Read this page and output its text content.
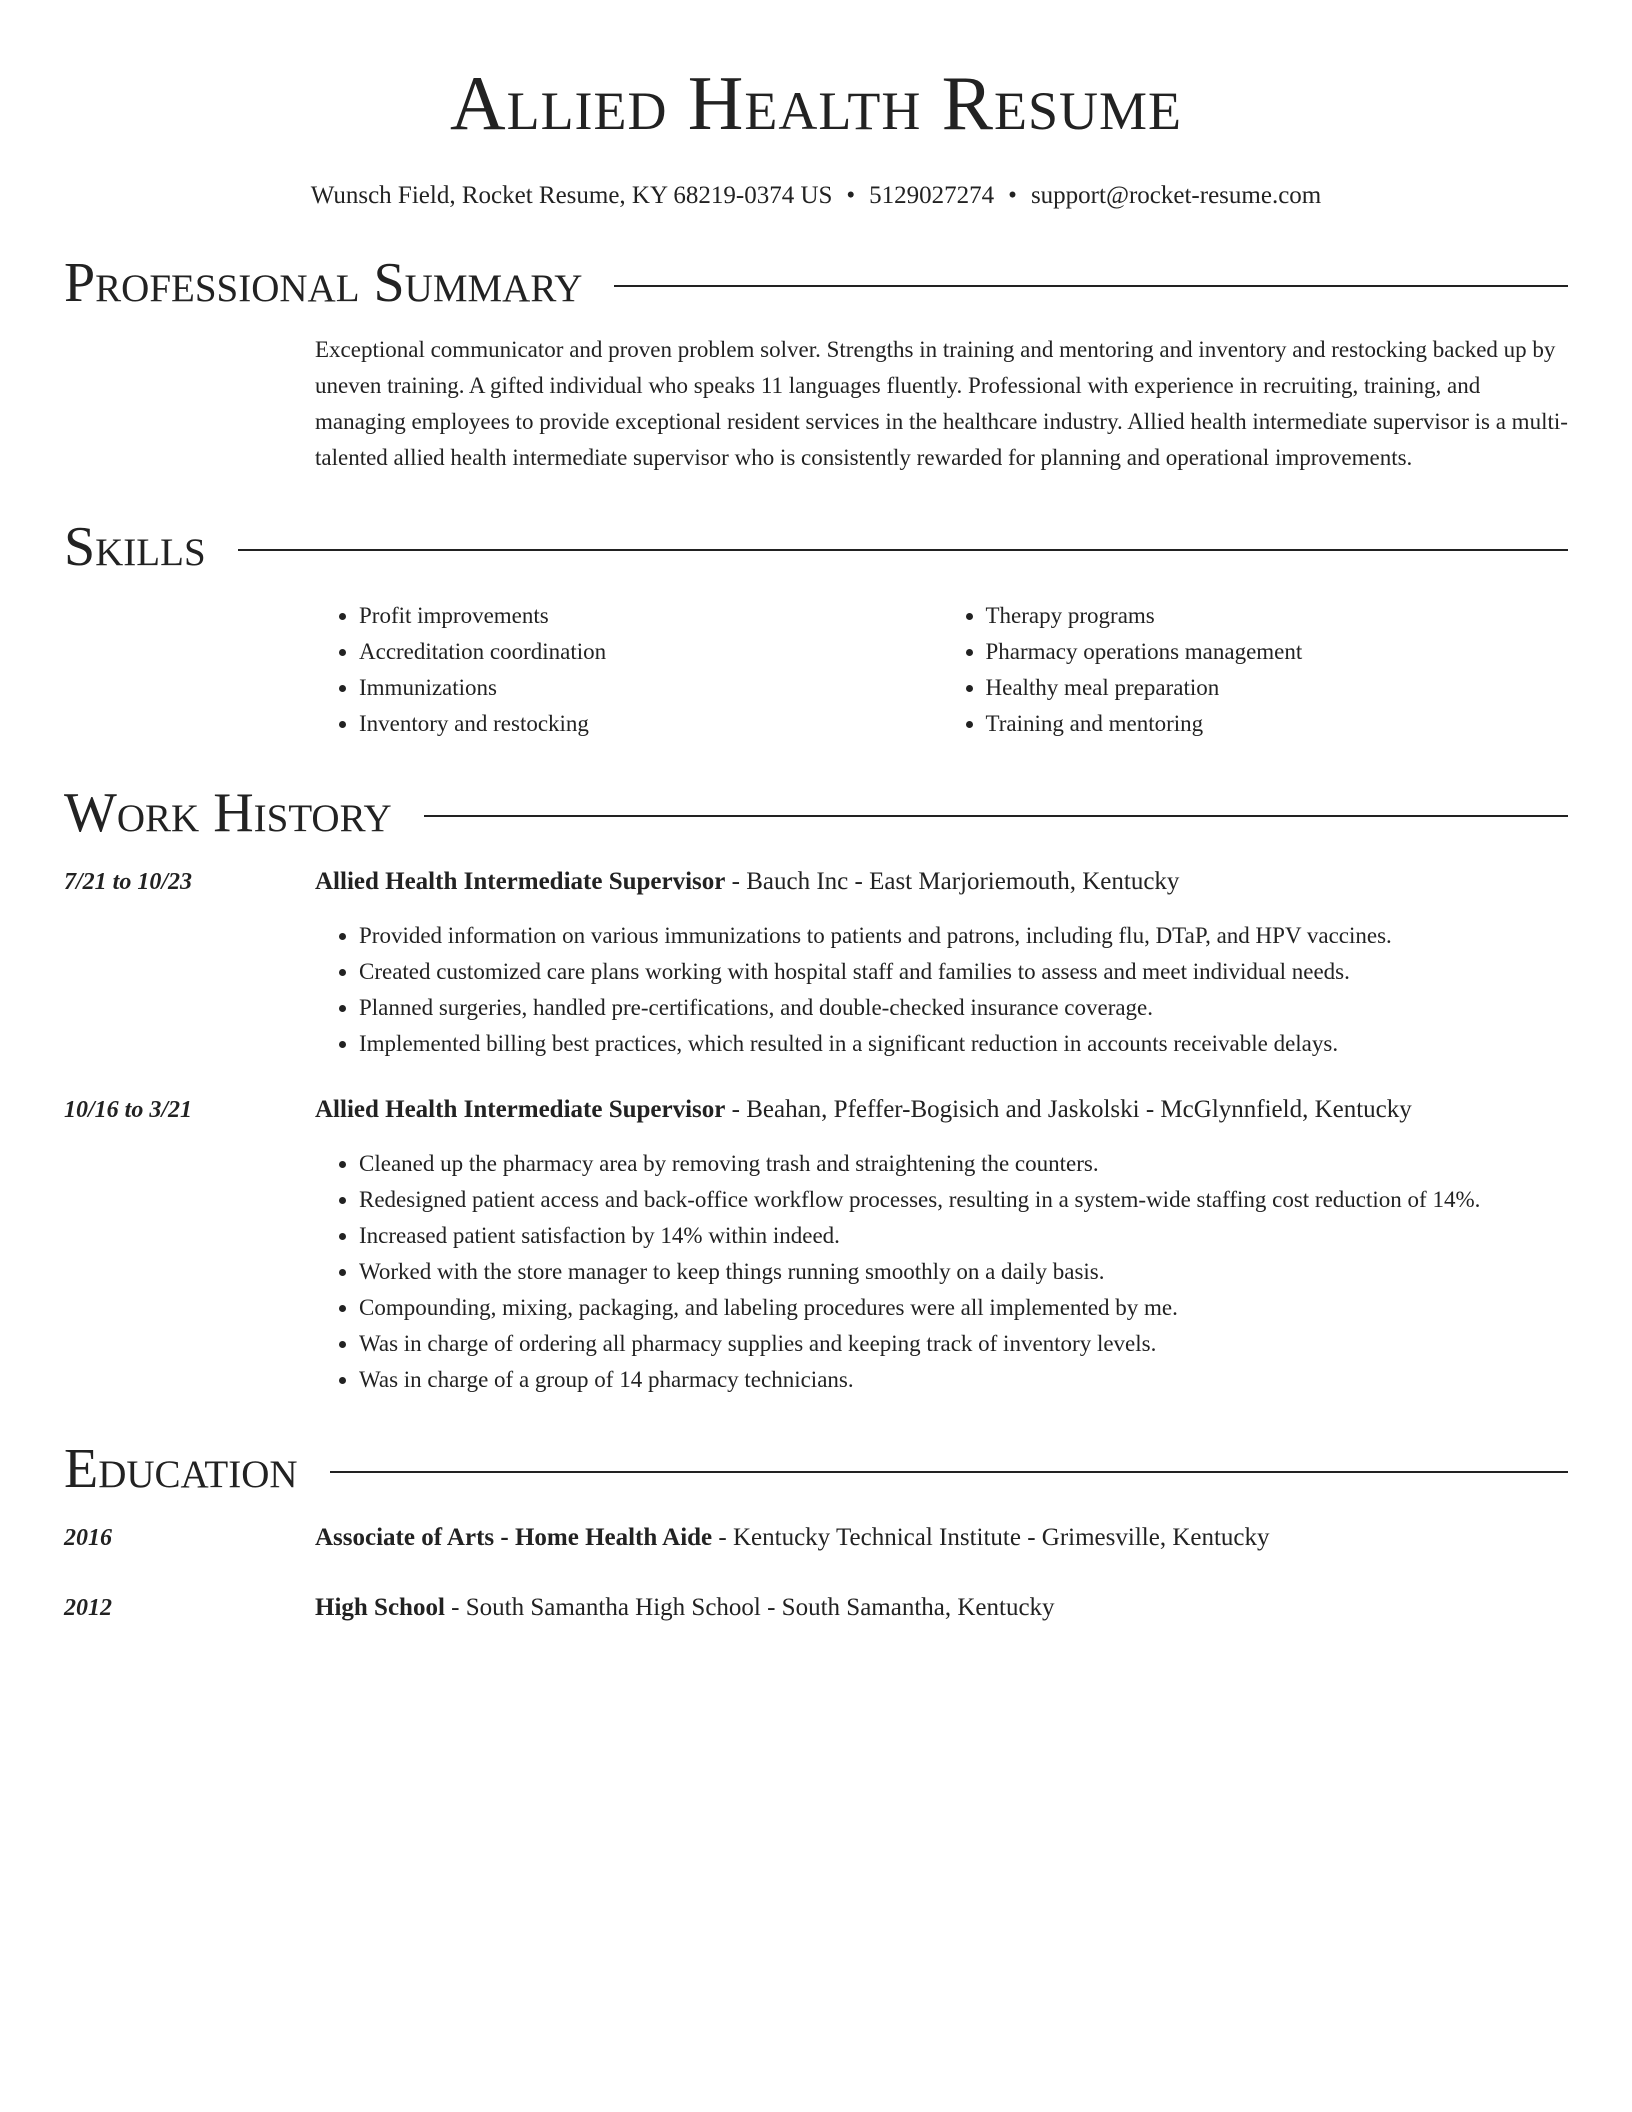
Allied Health Resume
Wunsch Field, Rocket Resume, KY 68219-0374 US • 5129027274 • support@rocket-resume.com
Professional Summary
Exceptional communicator and proven problem solver. Strengths in training and mentoring and inventory and restocking backed up by uneven training. A gifted individual who speaks 11 languages fluently. Professional with experience in recruiting, training, and managing employees to provide exceptional resident services in the healthcare industry. Allied health intermediate supervisor is a multi-talented allied health intermediate supervisor who is consistently rewarded for planning and operational improvements.
Skills
• Profit improvements
• Accreditation coordination
• Immunizations
• Inventory and restocking
• Therapy programs
• Pharmacy operations management
• Healthy meal preparation
• Training and mentoring
Work History
7/21 to 10/23	Allied Health Intermediate Supervisor - Bauch Inc - East Marjoriemouth, Kentucky
• Provided information on various immunizations to patients and patrons, including flu, DTaP, and HPV vaccines.
• Created customized care plans working with hospital staff and families to assess and meet individual needs.
• Planned surgeries, handled pre-certifications, and double-checked insurance coverage.
• Implemented billing best practices, which resulted in a significant reduction in accounts receivable delays.
10/16 to 3/21	Allied Health Intermediate Supervisor - Beahan, Pfeffer-Bogisich and Jaskolski - McGlynnfield, Kentucky
• Cleaned up the pharmacy area by removing trash and straightening the counters.
• Redesigned patient access and back-office workflow processes, resulting in a system-wide staffing cost reduction of 14%.
• Increased patient satisfaction by 14% within indeed.
• Worked with the store manager to keep things running smoothly on a daily basis.
• Compounding, mixing, packaging, and labeling procedures were all implemented by me.
• Was in charge of ordering all pharmacy supplies and keeping track of inventory levels.
• Was in charge of a group of 14 pharmacy technicians.
Education
2016	Associate of Arts - Home Health Aide - Kentucky Technical Institute - Grimesville, Kentucky
2012	High School - South Samantha High School - South Samantha, Kentucky
